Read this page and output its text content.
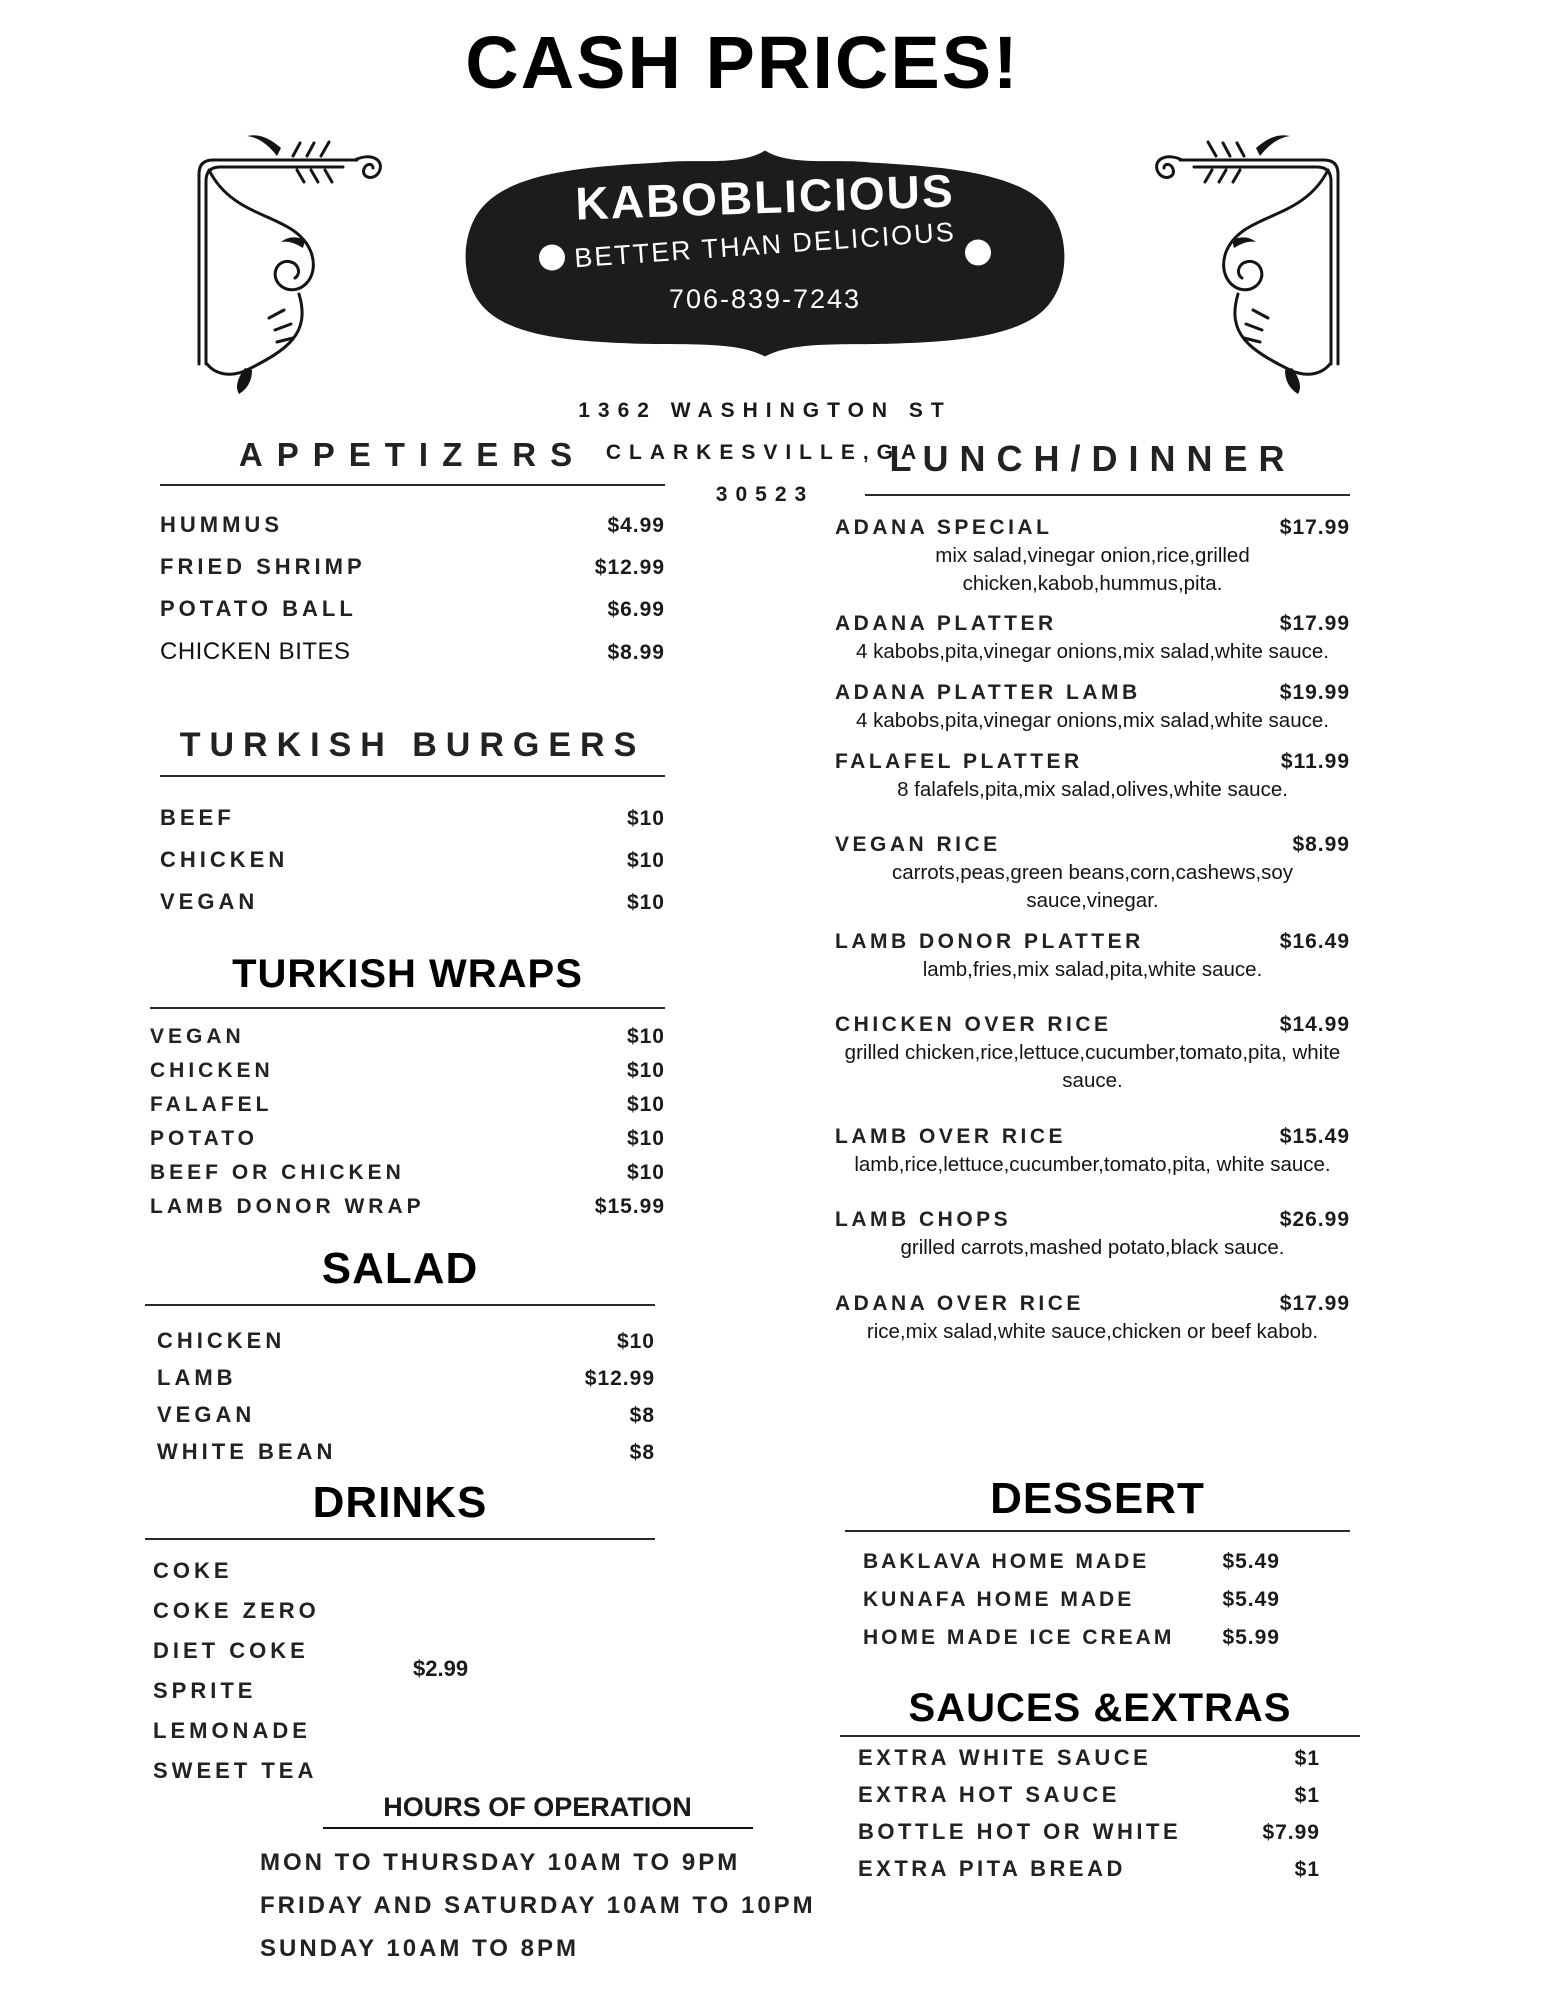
CASH PRICES!
KABOBLICIOUS
BETTER THAN DELICIOUS
706-839-7243
1362 WASHINGTON ST
CLARKESVILLE,GA
30523
APPETIZERS
HUMMUS	$4.99
FRIED SHRIMP	$12.99
POTATO BALL	$6.99
CHICKEN BITES	$8.99
TURKISH BURGERS
BEEF	$10
CHICKEN	$10
VEGAN	$10
TURKISH WRAPS
VEGAN	$10
CHICKEN	$10
FALAFEL	$10
POTATO	$10
BEEF OR CHICKEN	$10
LAMB DONOR WRAP	$15.99
SALAD
CHICKEN	$10
LAMB	$12.99
VEGAN	$8
WHITE BEAN	$8
DRINKS
COKE
COKE ZERO
DIET COKE
SPRITE
LEMONADE
SWEET TEA
$2.99
HOURS OF OPERATION
MON TO THURSDAY 10AM TO 9PM
FRIDAY AND SATURDAY 10AM TO 10PM
SUNDAY 10AM TO 8PM
LUNCH/DINNER
ADANA SPECIAL	$17.99
mix salad,vinegar onion,rice,grilled chicken,kabob,hummus,pita.
ADANA PLATTER	$17.99
4 kabobs,pita,vinegar onions,mix salad,white sauce.
ADANA PLATTER LAMB	$19.99
4 kabobs,pita,vinegar onions,mix salad,white sauce.
FALAFEL PLATTER	$11.99
8 falafels,pita,mix salad,olives,white sauce.
VEGAN RICE	$8.99
carrots,peas,green beans,corn,cashews,soy sauce,vinegar.
LAMB DONOR PLATTER	$16.49
lamb,fries,mix salad,pita,white sauce.
CHICKEN OVER RICE	$14.99
grilled chicken,rice,lettuce,cucumber,tomato,pita, white sauce.
LAMB OVER RICE	$15.49
lamb,rice,lettuce,cucumber,tomato,pita, white sauce.
LAMB CHOPS	$26.99
grilled carrots,mashed potato,black sauce.
ADANA OVER RICE	$17.99
rice,mix salad,white sauce,chicken or beef kabob.
DESSERT
BAKLAVA HOME MADE	$5.49
KUNAFA HOME MADE	$5.49
HOME MADE ICE CREAM $5.99
SAUCES &EXTRAS
EXTRA WHITE SAUCE	$1
EXTRA HOT SAUCE	$1
BOTTLE HOT OR WHITE	$7.99
EXTRA PITA BREAD	$1
